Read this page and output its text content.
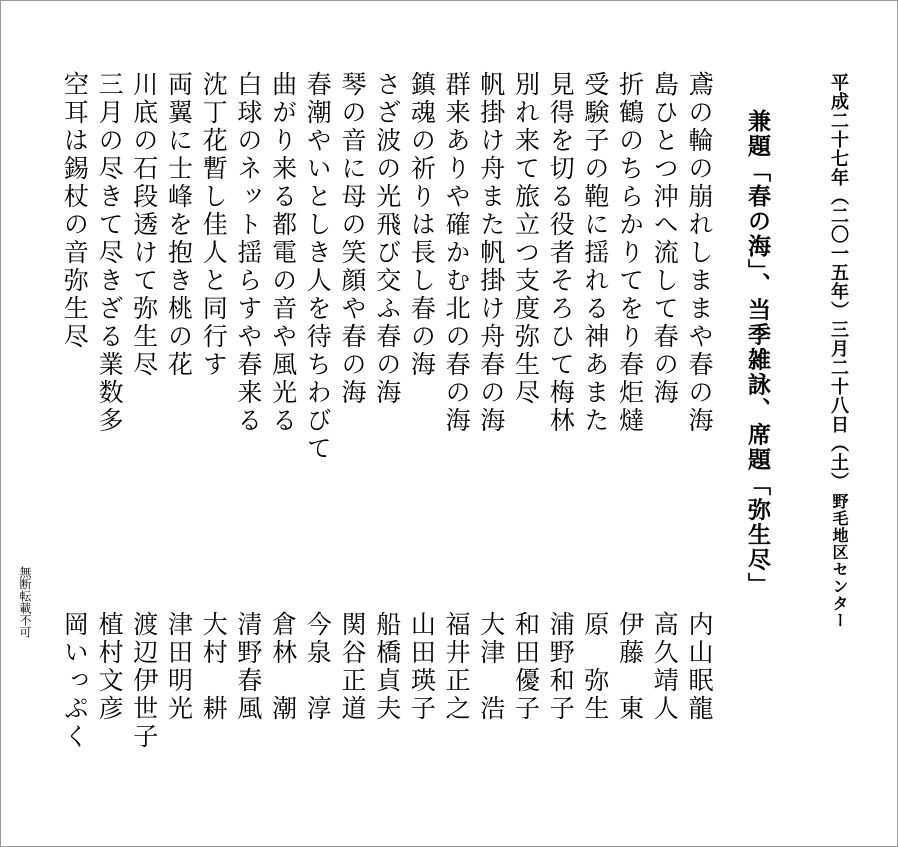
平成二十七年（二〇一五年）三月二十八日（土）
野毛地区センター
兼題「春の海」、当季雑詠、席題「弥生尽」
鳶の輪の崩れしままや春の海
内山眠龍
島ひとつ沖へ流して春の海
高久靖人
折鶴のちらかりてをり春炬燵
伊藤　東
受験子の鞄に揺れる神あまた
原　弥生
見得を切る役者そろひて梅林
浦野和子
別れ来て旅立つ支度弥生尽
和田優子
帆掛け舟また帆掛け舟春の海
大津　浩
群来ありや確かむ北の春の海
福井正之
鎮魂の祈りは長し春の海
山田瑛子
さざ波の光飛び交ふ春の海
船橋貞夫
琴の音に母の笑顔や春の海
関谷正道
春潮やいとしき人を待ちわびて
今泉　淳
曲がり来る都電の音や風光る
倉林　潮
白球のネット揺らすや春来る
清野春風
沈丁花暫し佳人と同行す
大村　耕
両翼に士峰を抱き桃の花
津田明光
川底の石段透けて弥生尽
渡辺伊世子
三月の尽きて尽きざる業数多
植村文彦
空耳は錫杖の音弥生尽
岡いっぷく
無断転載不可
